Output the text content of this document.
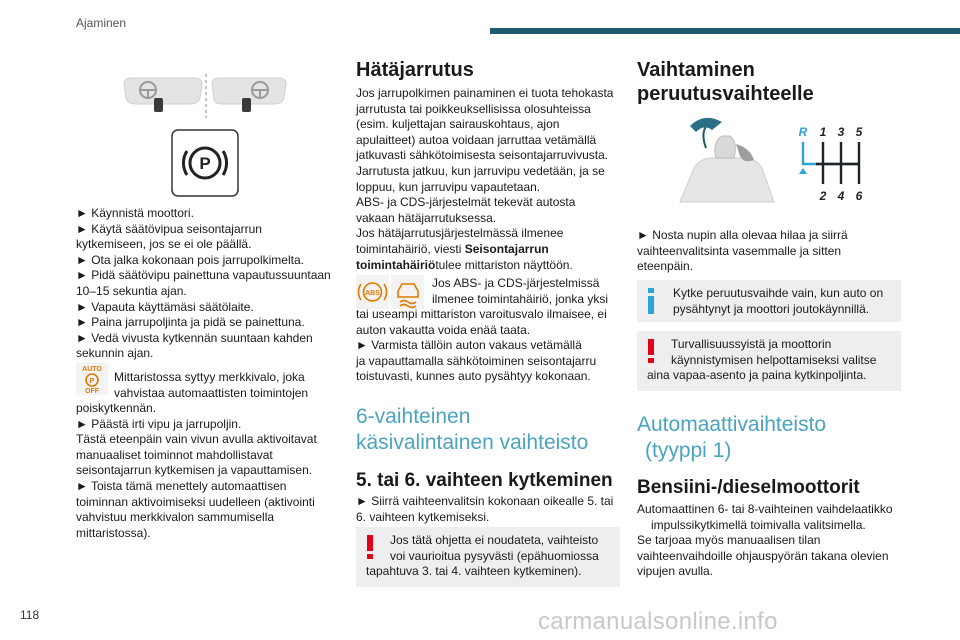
Ajaminen
P

► Käynnistä moottori.

► Käytä säätövipua seisontajarrun

kytkemiseen, jos se ei ole päällä.

► Ota jalka kokonaan pois jarrupolkimelta.

► Pidä säätövipu painettuna vapautussuuntaan

10–15 sekuntia ajan.

► Vapauta käyttämäsi säätölaite.

► Paina jarrupoljinta ja pidä se painettuna.

► Vedä vivusta kytkennän suuntaan kahden

sekunnin ajan.

AUTO
P
OFF

Mittaristossa syttyy merkkivalo, joka

vahvistaa automaattisten toimintojen

poiskytkennän.

► Päästä irti vipu ja jarrupoljin.

Tästä eteenpäin vain vivun avulla aktivoitavat

manuaaliset toiminnot mahdollistavat

seisontajarrun kytkemisen ja vapauttamisen.

► Toista tämä menettely automaattisen

toiminnan aktivoimiseksi uudelleen (aktivointi

vahvistuu merkkivalon sammumisella

mittaristossa).

Hätäjarrutus

Jos jarrupolkimen painaminen ei tuota tehokasta

jarrutusta tai poikkeuksellisissa olosuhteissa

(esim. kuljettajan sairauskohtaus, ajon

apulaitteet) autoa voidaan jarruttaa vetämällä

jatkuvasti sähkötoimisesta seisontajarruvivusta.

Jarrutusta jatkuu, kun jarruvipu vedetään, ja se

loppuu, kun jarruvipu vapautetaan.

ABS- ja CDS-järjestelmät tekevät autosta

vakaan hätäjarrutuksessa.

Jos hätäjarrutusjärjestelmässä ilmenee

toimintahäiriö, viesti Seisontajarrun

toimintahäiriötulee mittariston näyttöön.

ABS

Jos ABS- ja CDS-järjestelmissä

ilmenee toimintahäiriö, jonka yksi

tai useampi mittariston varoitusvalo ilmaisee, ei

auton vakautta voida enää taata.

► Varmista tällöin auton vakaus vetämällä

ja vapauttamalla sähkötoiminen seisontajarru

toistuvasti, kunnes auto pysähtyy kokonaan.

6-vaihteinen
käsivalintainen vaihteisto
5. tai 6. vaihteen kytkeminen

► Siirrä vaihteenvalitsin kokonaan oikealle 5. tai

6. vaihteen kytkemiseksi.

Jos tätä ohjetta ei noudateta, vaihteisto

voi vaurioitua pysyvästi (epähuomiossa

tapahtuva 3. tai 4. vaihteen kytkeminen).

Vaihtaminen
peruutusvaihteelle
R 1 3 5
2 4 6

► Nosta nupin alla olevaa hilaa ja siirrä

vaihteenvalitsinta vasemmalle ja sitten

eteenpäin.

Kytke peruutusvaihde vain, kun auto on

pysähtynyt ja moottori joutokäynnillä.

Turvallisuussyistä ja moottorin

käynnistymisen helpottamiseksi valitse

aina vapaa-asento ja paina kytkinpoljinta.

Automaattivaihteisto
(tyyppi 1)
Bensiini-/dieselmoottorit

Automaattinen 6- tai 8-vaihteinen vaihdelaatikko

impulssikytkimellä toimivalla valitsimella.

Se tarjoaa myös manuaalisen tilan

vaihteenvaihdoille ohjauspyörän takana olevien

vipujen avulla.

118	carmanualsonline.info
